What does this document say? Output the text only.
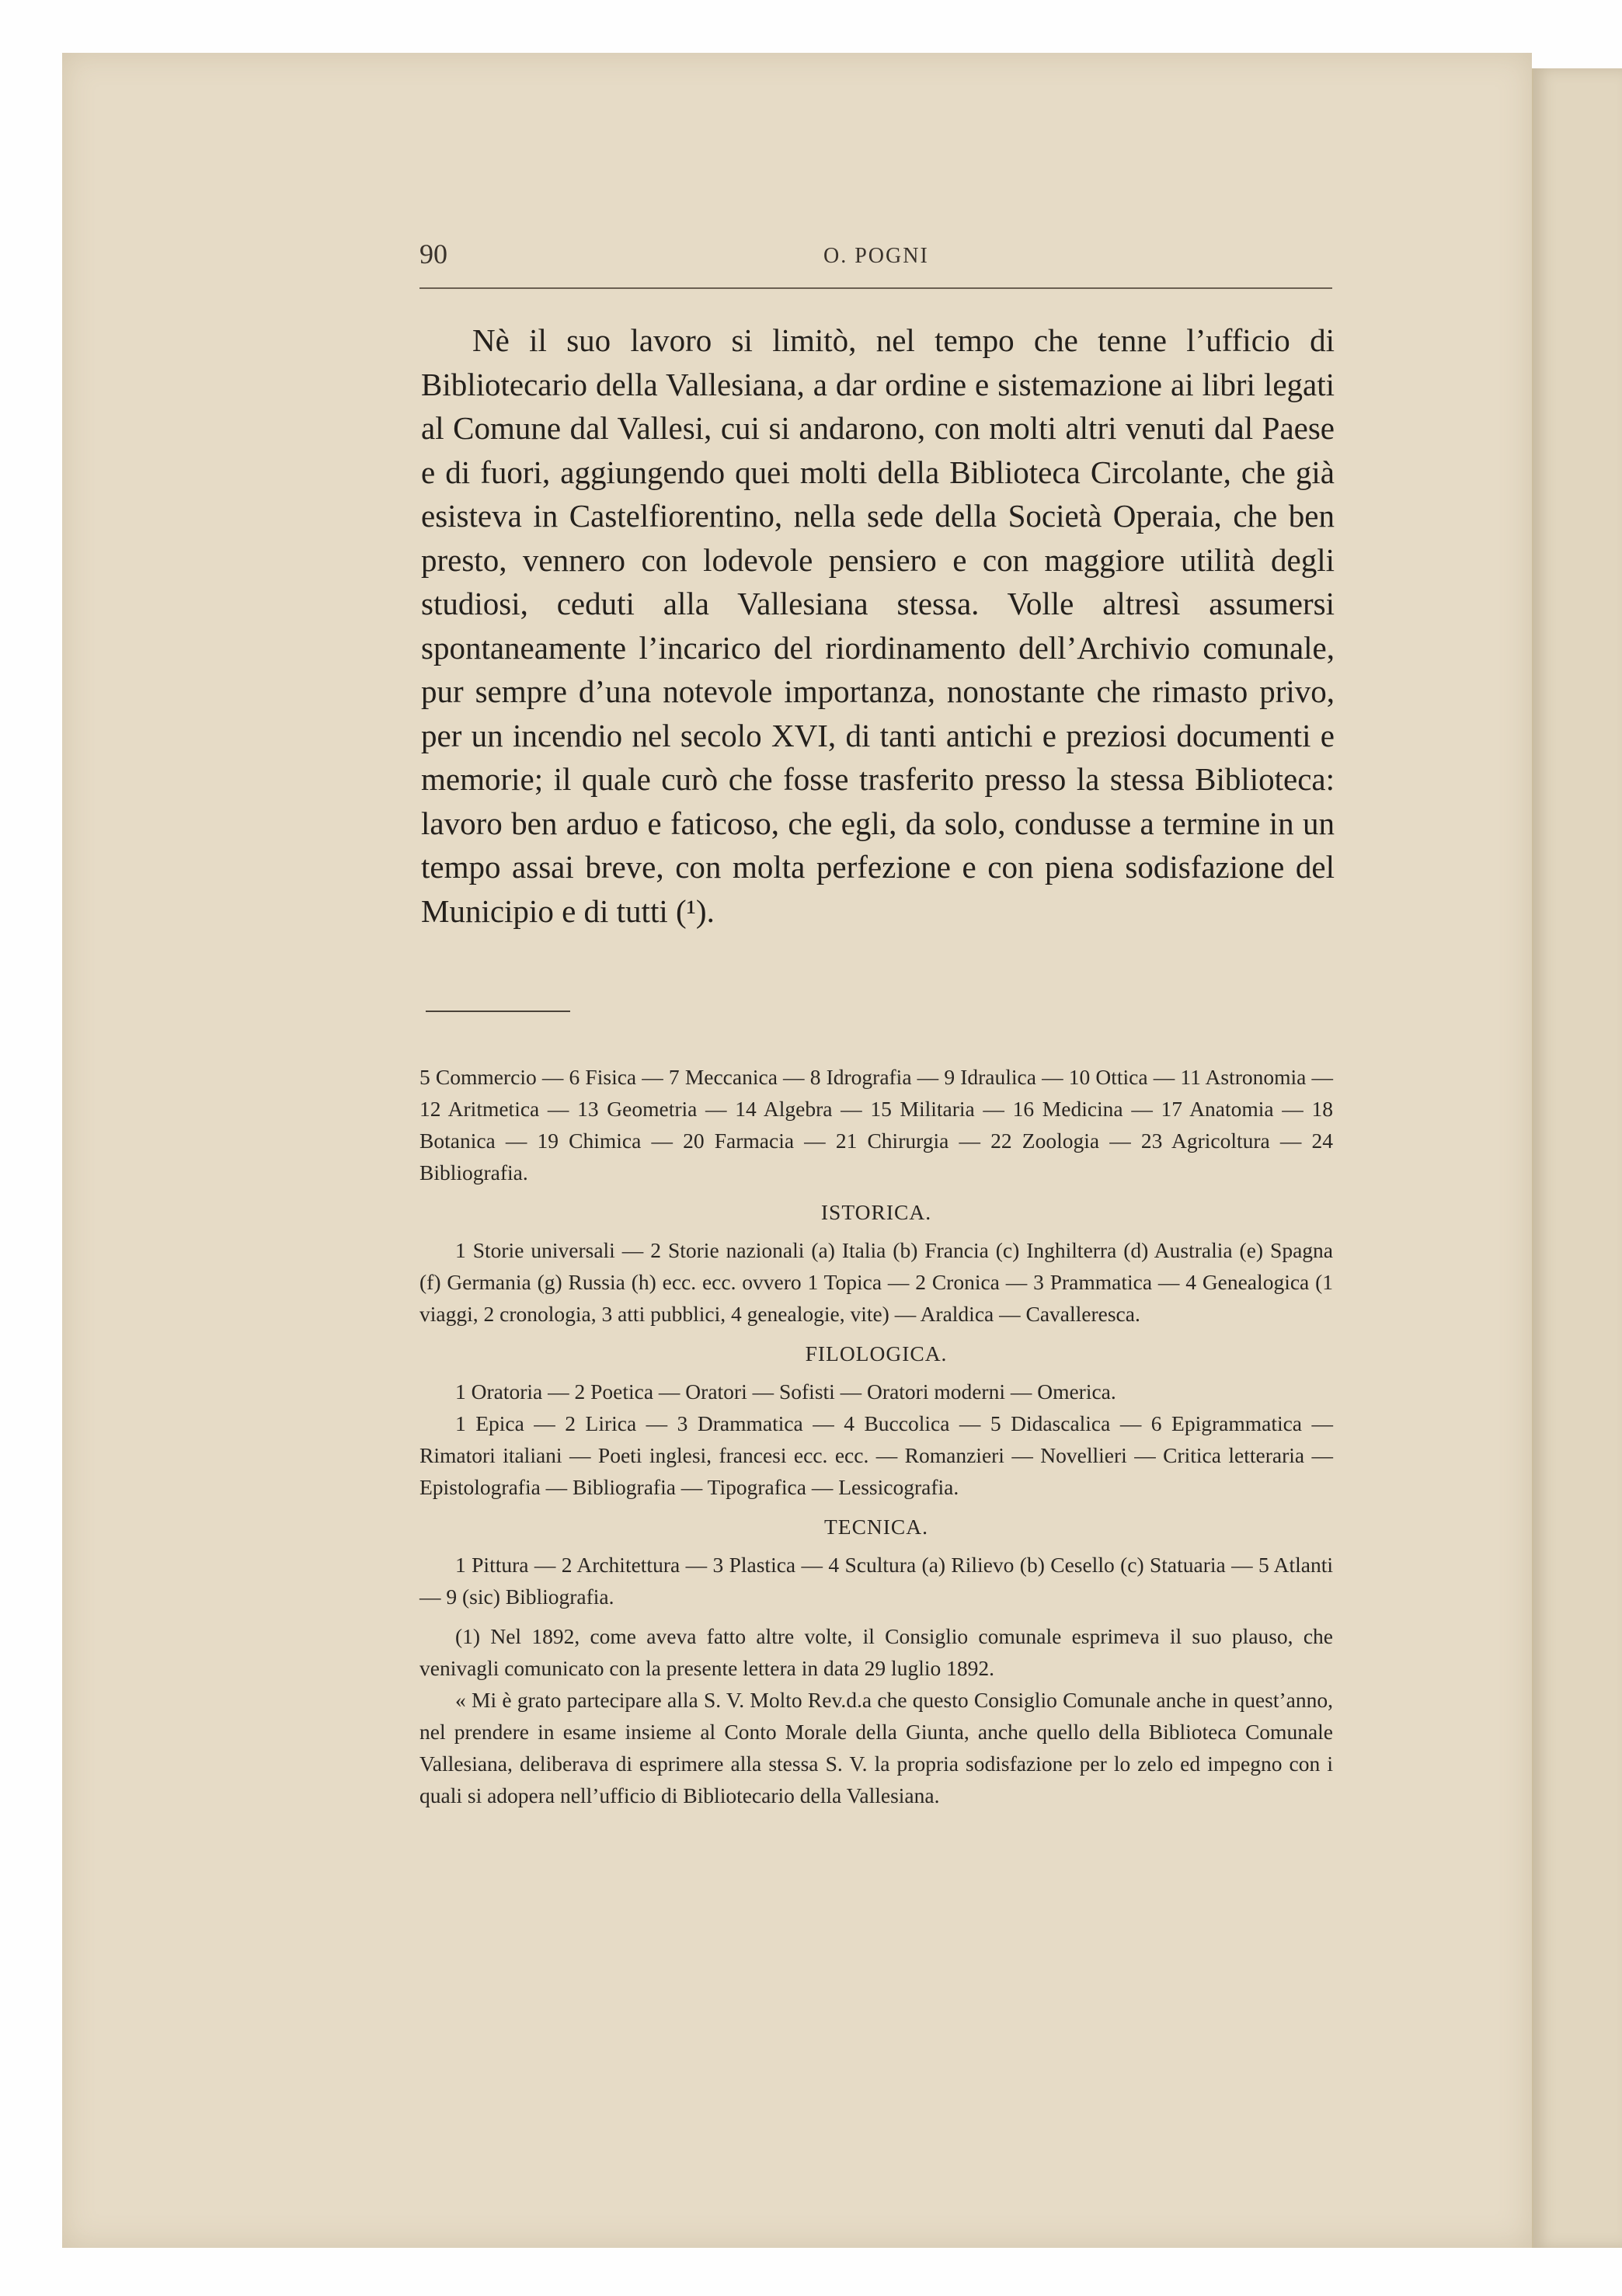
90	O. POGNI

Nè il suo lavoro si limitò, nel tempo che tenne l’ufficio di Bibliotecario della Vallesiana, a dar ordine e sistemazione ai libri legati al Comune dal Vallesi, cui si andarono, con molti altri venuti dal Paese e di fuori, aggiungendo quei molti della Biblioteca Circolante, che già esisteva in Castelfiorentino, nella sede della Società Operaia, che ben presto, vennero con lodevole pensiero e con maggiore utilità degli studiosi, ceduti alla Vallesiana stessa. Volle altresì assumersi spontaneamente l’incarico del riordinamento dell’Archivio comunale, pur sempre d’una notevole importanza, nonostante che rimasto privo, per un incendio nel secolo XVI, di tanti antichi e preziosi documenti e memorie; il quale curò che fosse trasferito presso la stessa Biblioteca: lavoro ben arduo e faticoso, che egli, da solo, condusse a termine in un tempo assai breve, con molta perfezione e con piena sodisfazione del Municipio e di tutti (¹).

5 Commercio — 6 Fisica — 7 Meccanica — 8 Idrografia — 9 Idraulica — 10 Ottica — 11 Astronomia — 12 Aritmetica — 13 Geometria — 14 Algebra — 15 Militaria — 16 Medicina — 17 Anatomia — 18 Botanica — 19 Chimica — 20 Farmacia — 21 Chirurgia — 22 Zoologia — 23 Agricoltura — 24 Bibliografia.

ISTORICA.

1 Storie universali — 2 Storie nazionali (a) Italia (b) Francia (c) Inghilterra (d) Australia (e) Spagna (f) Germania (g) Russia (h) ecc. ecc. ovvero 1 Topica — 2 Cronica — 3 Prammatica — 4 Genealogica (1 viaggi, 2 cronologia, 3 atti pubblici, 4 genealogie, vite) — Araldica — Cavalleresca.

FILOLOGICA.

1 Oratoria — 2 Poetica — Oratori — Sofisti — Oratori moderni — Omerica.

1 Epica — 2 Lirica — 3 Drammatica — 4 Buccolica — 5 Didascalica — 6 Epigrammatica — Rimatori italiani — Poeti inglesi, francesi ecc. ecc. — Romanzieri — Novellieri — Critica letteraria — Epistolografia — Bibliografia — Tipografica — Lessicografia.

TECNICA.

1 Pittura — 2 Architettura — 3 Plastica — 4 Scultura (a) Rilievo (b) Cesello (c) Statuaria — 5 Atlanti — 9 (sic) Bibliografia.

(1) Nel 1892, come aveva fatto altre volte, il Consiglio comunale esprimeva il suo plauso, che venivagli comunicato con la presente lettera in data 29 luglio 1892.

« Mi è grato partecipare alla S. V. Molto Rev.d.a che questo Consiglio Comunale anche in quest’anno, nel prendere in esame insieme al Conto Morale della Giunta, anche quello della Biblioteca Comunale Vallesiana, deliberava di esprimere alla stessa S. V. la propria sodisfazione per lo zelo ed impegno con i quali si adopera nell’ufficio di Bibliotecario della Vallesiana.
